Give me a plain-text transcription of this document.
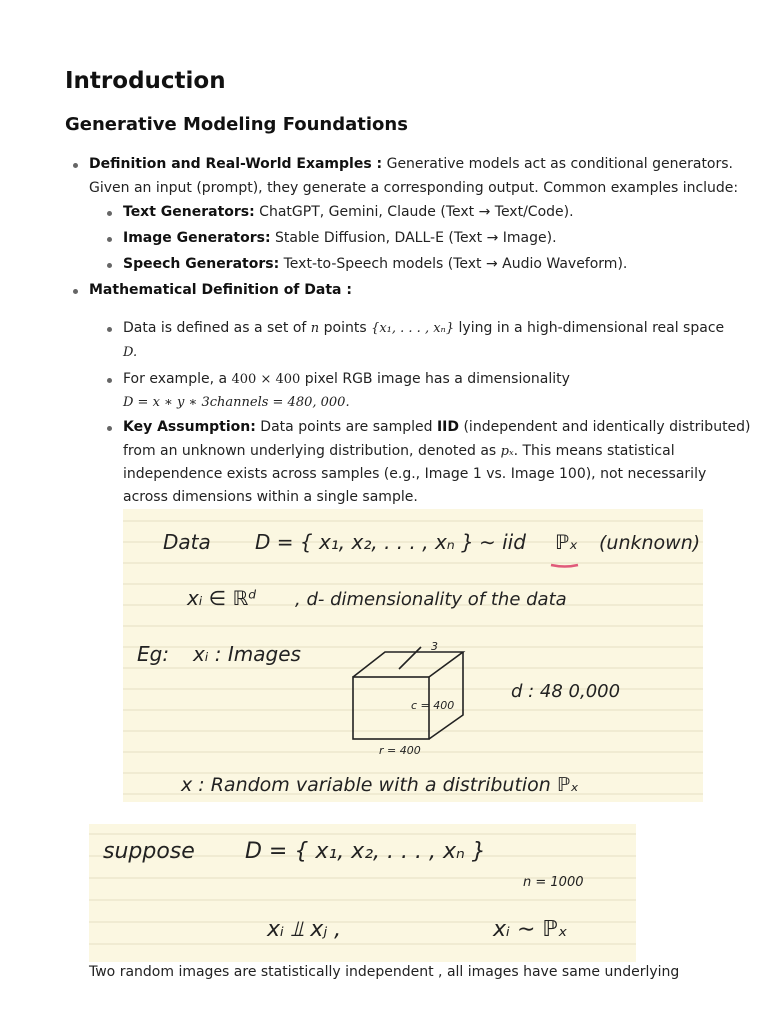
Introduction
Generative Modeling Foundations
Definition and Real-World Examples : Generative models act as conditional generators.
Given an input (prompt), they generate a corresponding output. Common examples include:
Text Generators: ChatGPT, Gemini, Claude (Text → Text/Code).
Image Generators: Stable Diffusion, DALL-E (Text → Image).
Speech Generators: Text-to-Speech models (Text → Audio Waveform).
Mathematical Definition of Data :
Data is defined as a set of n points {x₁, . . . , xₙ} lying in a high-dimensional real space
D.
For example, a 400 × 400 pixel RGB image has a dimensionality
D = x ∗ y ∗ 3channels = 480, 000.
Key Assumption: Data points are sampled IID (independent and identically distributed)
from an unknown underlying distribution, denoted as pₓ. This means statistical
independence exists across samples (e.g., Image 1 vs. Image 100), not necessarily
across dimensions within a single sample.
Data D = { x₁, x₂, . . . , xₙ } ∼ iid ℙₓ (unknown)
xᵢ ∈ ℝᵈ , d- dimensionality of the data
Eg: xᵢ : Images	3
c = 400
r = 400
d : 48 0,000
x : Random variable with a distribution ℙₓ
suppose D = { x₁, x₂, . . . , xₙ }
n = 1000
xᵢ ⫫ xⱼ ,	xᵢ ∼ ℙₓ
Two random images are statistically independent , all images have same underlying
